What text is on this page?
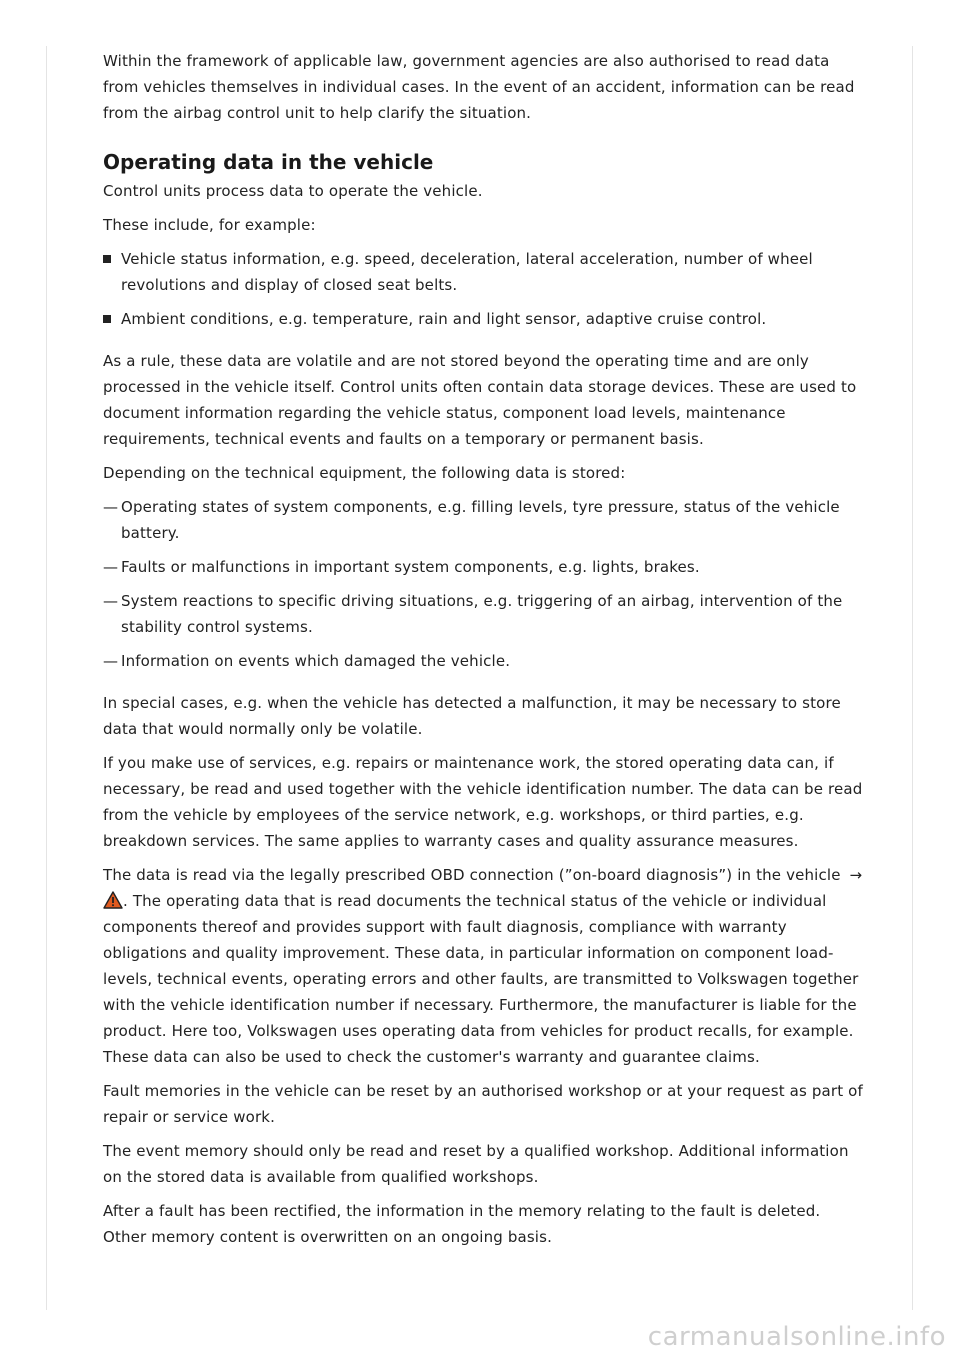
Within the framework of applicable law, government agencies are also authorised to read data from vehicles themselves in individual cases. In the event of an accident, information can be read from the airbag control unit to help clarify the situation.

Operating data in the vehicle

Control units process data to operate the vehicle.

These include, for example:

Vehicle status information, e.g. speed, deceleration, lateral acceleration, number of wheel revolutions and display of closed seat belts.
Ambient conditions, e.g. temperature, rain and light sensor, adaptive cruise control.

As a rule, these data are volatile and are not stored beyond the operating time and are only processed in the vehicle itself. Control units often contain data storage devices. These are used to document information regarding the vehicle status, component load levels, maintenance requirements, technical events and faults on a temporary or permanent basis.

Depending on the technical equipment, the following data is stored:

— Operating states of system components, e.g. filling levels, tyre pressure, status of the vehicle battery.
— Faults or malfunctions in important system components, e.g. lights, brakes.
— System reactions to specific driving situations, e.g. triggering of an airbag, intervention of the stability control systems.
— Information on events which damaged the vehicle.

In special cases, e.g. when the vehicle has detected a malfunction, it may be necessary to store data that would normally only be volatile.

If you make use of services, e.g. repairs or maintenance work, the stored operating data can, if necessary, be read and used together with the vehicle identification number. The data can be read from the vehicle by employees of the service network, e.g. workshops, or third parties, e.g. breakdown services. The same applies to warranty cases and quality assurance measures.

The data is read via the legally prescribed OBD connection (”on-board diagnosis”) in the vehicle →
. The operating data that is read documents the technical status of the vehicle or individual components thereof and provides support with fault diagnosis, compliance with warranty obligations and quality improvement. These data, in particular information on component load-levels, technical events, operating errors and other faults, are transmitted to Volkswagen together with the vehicle identification number if necessary. Furthermore, the manufacturer is liable for the product. Here too, Volkswagen uses operating data from vehicles for product recalls, for example. These data can also be used to check the customer's warranty and guarantee claims.

Fault memories in the vehicle can be reset by an authorised workshop or at your request as part of repair or service work.

The event memory should only be read and reset by a qualified workshop. Additional information on the stored data is available from qualified workshops.

After a fault has been rectified, the information in the memory relating to the fault is deleted. Other memory content is overwritten on an ongoing basis.

carmanualsonline.info
